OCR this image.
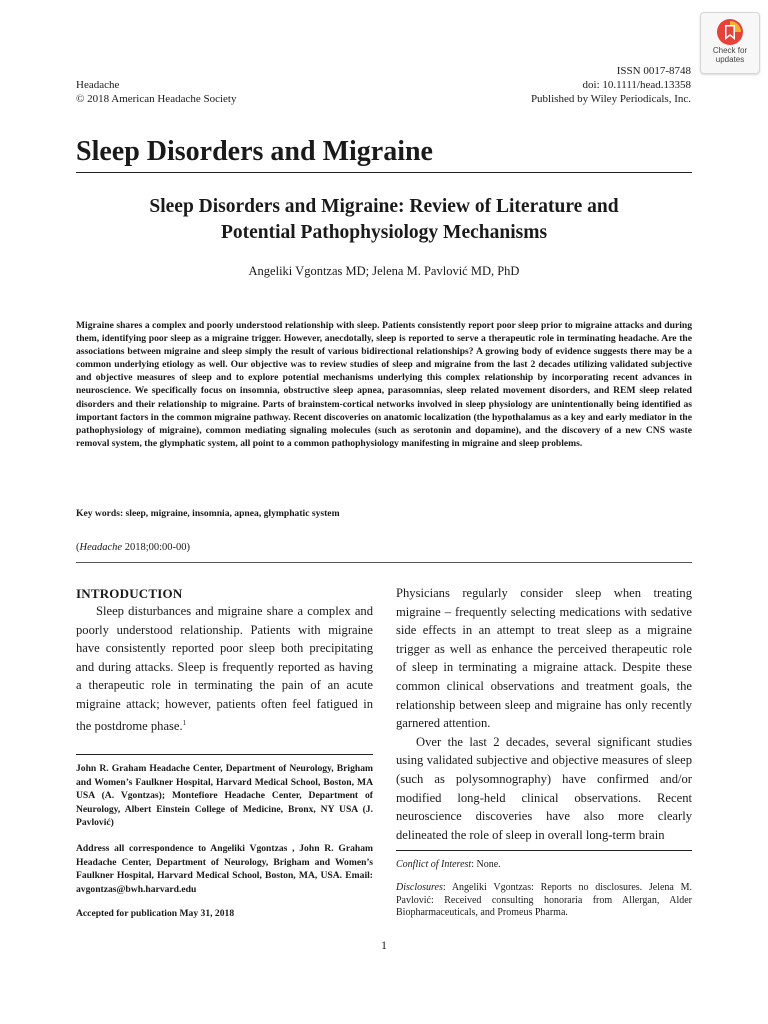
Check for
updates
Headache
© 2018 American Headache Society
ISSN 0017-8748
doi: 10.1111/head.13358
Published by Wiley Periodicals, Inc.
Sleep Disorders and Migraine
Sleep Disorders and Migraine: Review of Literature and
Potential Pathophysiology Mechanisms
Angeliki Vgontzas MD; Jelena M. Pavlović MD, PhD
Migraine shares a complex and poorly understood relationship with sleep. Patients consistently report poor sleep prior to migraine attacks and during them, identifying poor sleep as a migraine trigger. However, anecdotally, sleep is reported to serve a therapeutic role in terminating headache. Are the associations between migraine and sleep simply the result of various bidirectional relationships? A growing body of evidence suggests there may be a common underlying etiology as well. Our objective was to review studies of sleep and migraine from the last 2 decades utilizing validated subjective and objective measures of sleep and to explore potential mechanisms underlying this complex relationship by incorporating recent advances in neuroscience. We specifically focus on insomnia, obstructive sleep apnea, parasomnias, sleep related movement disorders, and REM sleep related disorders and their relationship to migraine. Parts of brainstem-cortical networks involved in sleep physiology are unintentionally being identified as important factors in the common migraine pathway. Recent discoveries on anatomic localization (the hypothalamus as a key and early mediator in the pathophysiology of migraine), common mediating signaling molecules (such as serotonin and dopamine), and the discovery of a new CNS waste removal system, the glymphatic system, all point to a common pathophysiology manifesting in migraine and sleep problems.
Key words: sleep, migraine, insomnia, apnea, glymphatic system
(Headache 2018;00:00-00)
INTRODUCTION

Sleep disturbances and migraine share a complex and poorly understood relationship. Patients with migraine have consistently reported poor sleep both precipitating and during attacks. Sleep is frequently reported as having a therapeutic role in terminating the pain of an acute migraine attack; however, patients often feel fatigued in the postdrome phase.$^1$

John R. Graham Headache Center, Department of Neurology, Brigham and Women’s Faulkner Hospital, Harvard Medical School, Boston, MA USA (A. Vgontzas); Montefiore Headache Center, Department of Neurology, Albert Einstein College of Medicine, Bronx, NY USA (J. Pavlović)
Address all correspondence to Angeliki Vgontzas , John R. Graham Headache Center, Department of Neurology, Brigham and Women’s Faulkner Hospital, Harvard Medical School, Boston, MA, USA. Email: avgontzas@bwh.harvard.edu
Accepted for publication May 31, 2018

Physicians regularly consider sleep when treating migraine – frequently selecting medications with sedative side effects in an attempt to treat sleep as a migraine trigger as well as enhance the perceived therapeutic role of sleep in terminating a migraine attack. Despite these common clinical observations and treatment goals, the relationship between sleep and migraine has only recently garnered attention.

Over the last 2 decades, several significant studies using validated subjective and objective measures of sleep (such as polysomnography) have confirmed and/or modified long-held clinical observations. Recent neuroscience discoveries have also more clearly delineated the role of sleep in overall long-term brain

Conflict of Interest: None.
Disclosures: Angeliki Vgontzas: Reports no disclosures. Jelena M. Pavlović: Received consulting honoraria from Allergan, Alder Biopharmaceuticals, and Promeus Pharma.
1
